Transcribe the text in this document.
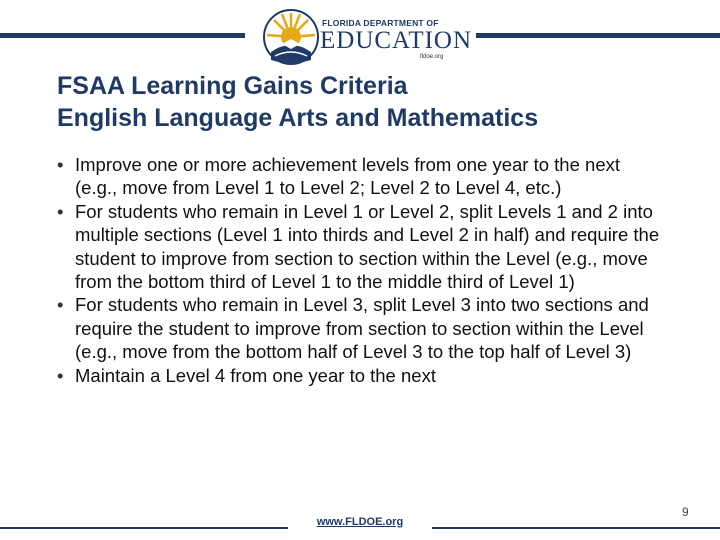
FLORIDA DEPARTMENT OF
EDUCATION
fldoe.org
FSAA Learning Gains Criteria
English Language Arts and Mathematics
• Improve one or more achievement levels from one year to the next (e.g., move from Level 1 to Level 2; Level 2 to Level 4, etc.)
• For students who remain in Level 1 or Level 2, split Levels 1 and 2 into multiple sections (Level 1 into thirds and Level 2 in half) and require the student to improve from section to section within the Level (e.g., move from the bottom third of Level 1 to the middle third of Level 1)
• For students who remain in Level 3, split Level 3 into two sections and require the student to improve from section to section within the Level (e.g., move from the bottom half of Level 3 to the top half of Level 3)
• Maintain a Level 4 from one year to the next
www.FLDOE.org
9
